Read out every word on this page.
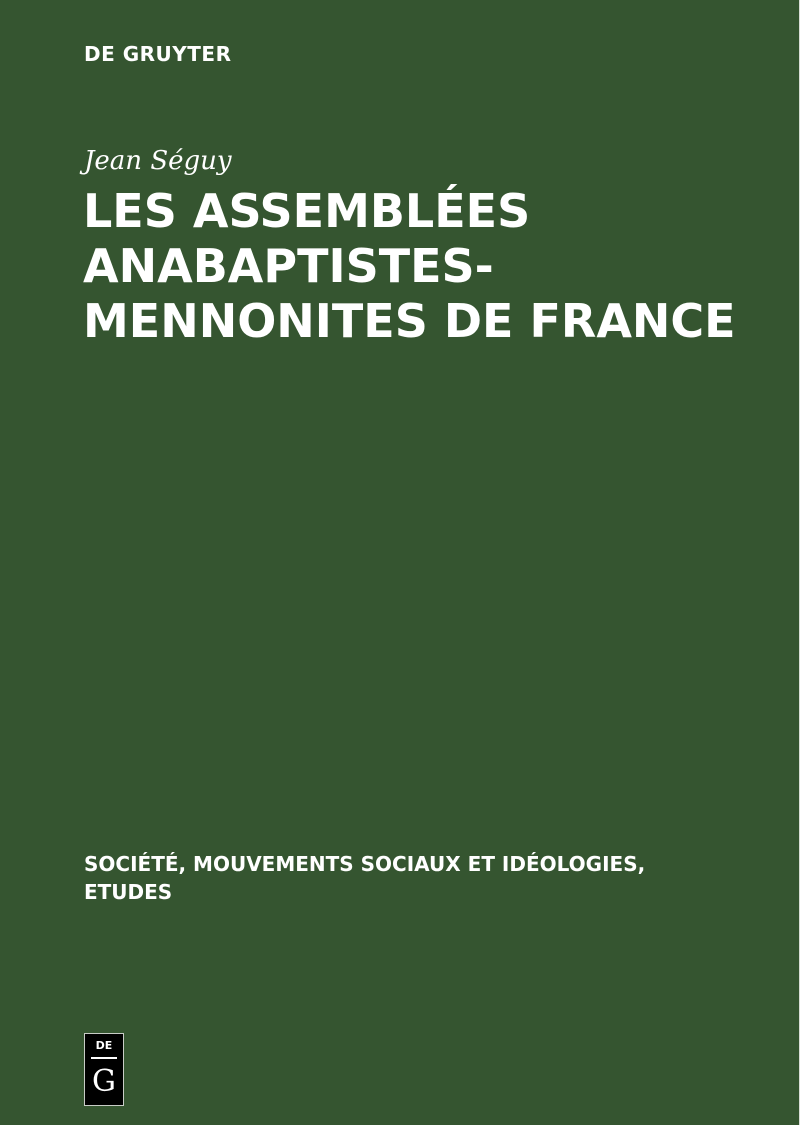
DE GRUYTER
Jean Séguy
LES ASSEMBLÉES
ANABAPTISTES-
MENNONITES DE FRANCE
SOCIÉTÉ, MOUVEMENTS SOCIAUX ET IDÉOLOGIES,
ETUDES
DE
G
